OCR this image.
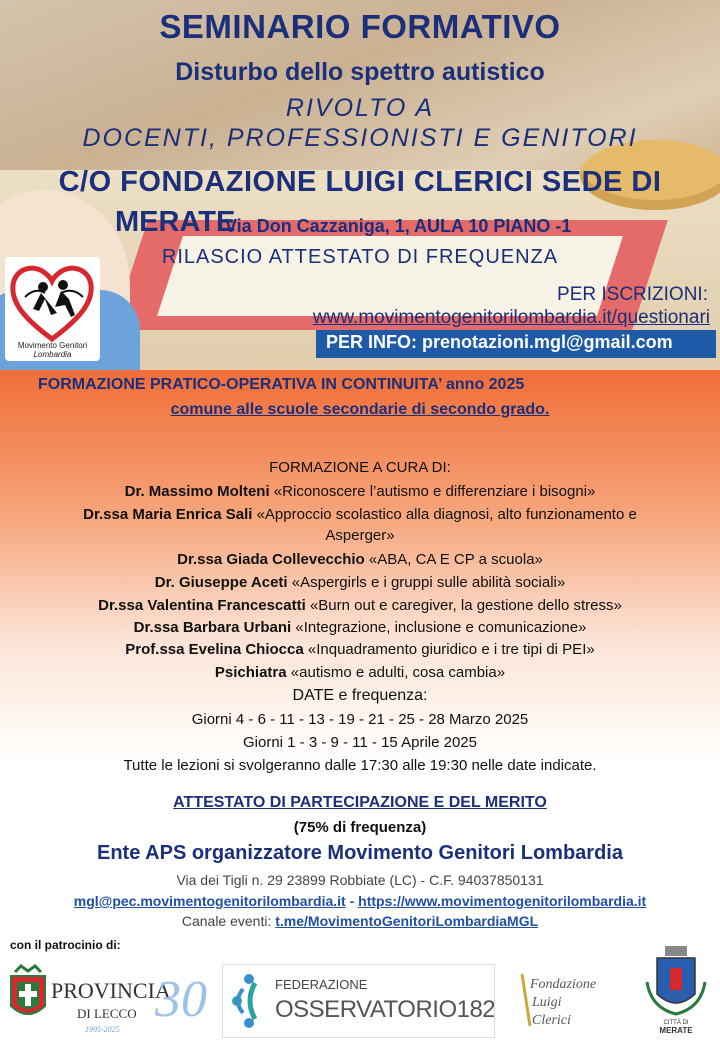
SEMINARIO FORMATIVO
Disturbo dello spettro autistico
RIVOLTO A
DOCENTI, PROFESSIONISTI E GENITORI
C/O FONDAZIONE LUIGI CLERICI SEDE DI
MERATE
Via Don Cazzaniga, 1, AULA 10 PIANO -1
RILASCIO ATTESTATO DI FREQUENZA
PER ISCRIZIONI:
www.movimentogenitorilombardia.it/questionari
PER INFO: prenotazioni.mgl@gmail.com
Movimento Genitori Lombardia
FORMAZIONE PRATICO-OPERATIVA IN CONTINUITA’ anno 2025
comune alle scuole secondarie di secondo grado.
FORMAZIONE A CURA DI:
Dr. Massimo Molteni «Riconoscere l’autismo e differenziare i bisogni»
Dr.ssa Maria Enrica Sali «Approccio scolastico alla diagnosi, alto funzionamento e
Asperger»
Dr.ssa Giada Collevecchio «ABA, CA E CP a scuola»
Dr. Giuseppe Aceti «Aspergirls e i gruppi sulle abilità sociali»
Dr.ssa Valentina Francescatti «Burn out e caregiver, la gestione dello stress»
Dr.ssa Barbara Urbani «Integrazione, inclusione e comunicazione»
Prof.ssa Evelina Chiocca «Inquadramento giuridico e i tre tipi di PEI»
Psichiatra «autismo e adulti, cosa cambia»
DATE e frequenza:
Giorni 4 - 6 - 11 - 13 - 19 - 21 - 25 - 28 Marzo 2025
Giorni 1 - 3 - 9 - 11 - 15 Aprile 2025
Tutte le lezioni si svolgeranno dalle 17:30 alle 19:30 nelle date indicate.
ATTESTATO DI PARTECIPAZIONE E DEL MERITO
(75% di frequenza)
Ente APS organizzatore Movimento Genitori Lombardia
Via dei Tigli n. 29 23899 Robbiate (LC) - C.F. 94037850131
mgl@pec.movimentogenitorilombardia.it - https://www.movimentogenitorilombardia.it
Canale eventi: t.me/MovimentoGenitoriLombardiaMGL
con il patrocinio di:
PROVINCIA
DI LECCO
1995-2025
30	FEDERAZIONE
OSSERVATORIO182
Fondazione
Luigi
Clerici	CITTÀ DI
MERATE
